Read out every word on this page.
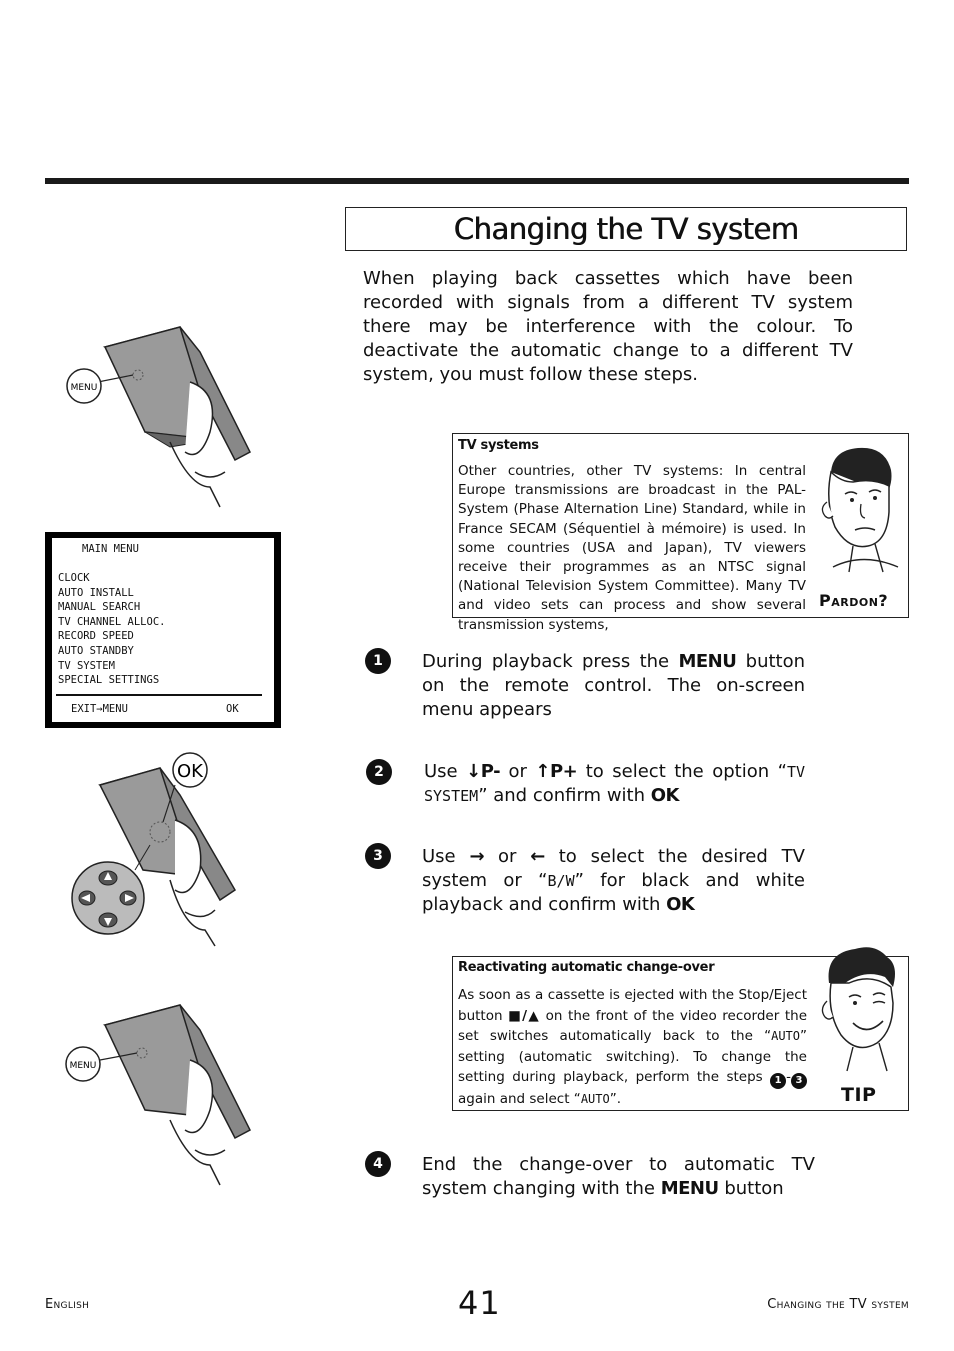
Changing the TV system
When playing back cassettes which have been recorded with signals from a different TV system there may be interference with the colour. To deactivate the automatic change to a different TV system, you must follow these steps.
MENU
MAIN MENU
CLOCK
AUTO INSTALL
MANUAL SEARCH
TV CHANNEL ALLOC.
RECORD SPEED
AUTO STANDBY
TV SYSTEM
SPECIAL SETTINGS
EXIT→MENU	OK
OK
MENU
TV systems
Other countries, other TV systems: In central Europe transmissions are broadcast in the PAL-System (Phase Alternation Line) Standard, while in France SECAM (Séquentiel à mémoire) is used. In some countries (USA and Japan), TV viewers receive their programmes as an NTSC signal (National Television System Committee). Many TV and video sets can process and show several transmission systems,
Pardon?
1	During playback press the MENU button on the remote control. The on-screen menu appears
2	Use ↓P- or ↑P+ to select the option “TV SYSTEM” and confirm with OK
3	Use → or ← to select the desired TV system or “B/W” for black and white playback and confirm with OK
Reactivating automatic change-over
As soon as a cassette is ejected with the Stop/Eject button ■/▲ on the front of the video recorder the set switches automatically back to the “AUTO” setting (automatic switching). To change the setting during playback, perform the steps 1 - 3 again and select “AUTO”.	TIP
4	End the change-over to automatic TV system changing with the MENU button
English	41	Changing the TV system
